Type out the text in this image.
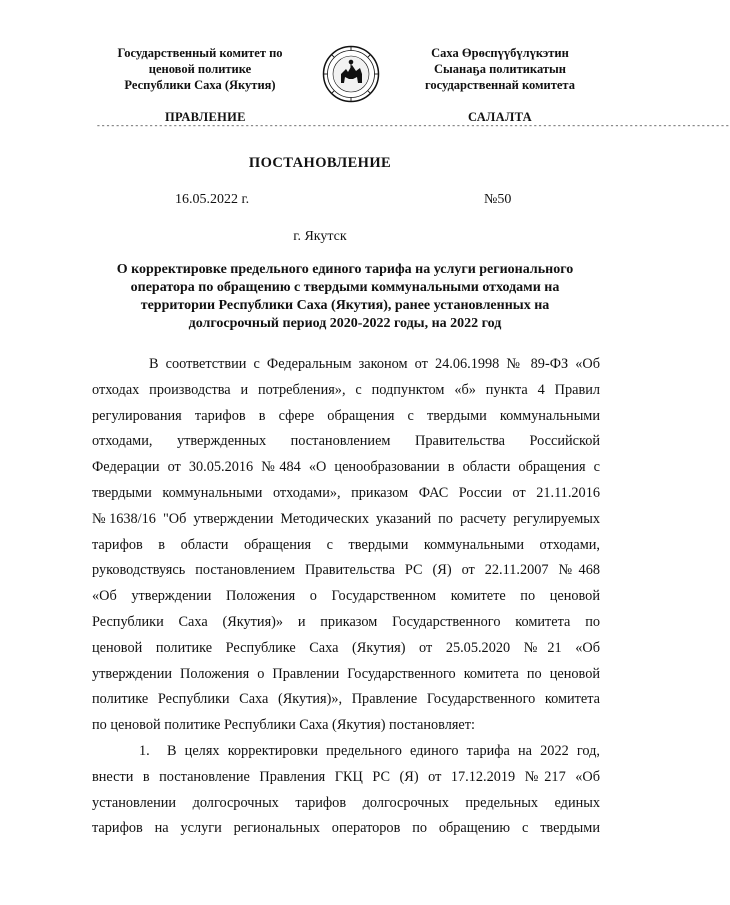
Государственный комитет по
ценовой политике
Республики Саха (Якутия)
Саха Өрөспүүбүлүкэтин
Сыанаҕа политикатын
государственнай комитета
ПРАВЛЕНИЕ	САЛАЛТА
------------------------------------------------------------------------------------------------------------------------------------
ПОСТАНОВЛЕНИЕ
16.05.2022 г.	№50
г. Якутск
О корректировке предельного единого тарифа на услуги регионального
оператора по обращению с твердыми коммунальными отходами на
территории Республики Саха (Якутия), ранее установленных на
долгосрочный период 2020-2022 годы, на 2022 год
В соответствии с Федеральным законом от 24.06.1998 № 89-ФЗ «Об
отходах производства и потребления», с подпунктом «б» пункта 4 Правил
регулирования тарифов в сфере обращения с твердыми коммунальными
отходами, утвержденных постановлением Правительства Российской
Федерации от 30.05.2016 №484 «О ценообразовании в области обращения с
твердыми коммунальными отходами», приказом ФАС России от 21.11.2016
№1638/16 "Об утверждении Методических указаний по расчету регулируемых
тарифов в области обращения с твердыми коммунальными отходами,
руководствуясь постановлением Правительства РС (Я) от 22.11.2007 №468
«Об утверждении Положения о Государственном комитете по ценовой
Республики Саха (Якутия)» и приказом Государственного комитета по
ценовой политике Республике Саха (Якутия) от 25.05.2020 №21 «Об
утверждении Положения о Правлении Государственного комитета по ценовой
политике Республики Саха (Якутия)», Правление Государственного комитета
по ценовой политике Республики Саха (Якутия) постановляет:
1. В целях корректировки предельного единого тарифа на 2022 год,
внести в постановление Правления ГКЦ РС (Я) от 17.12.2019 №217 «Об
установлении долгосрочных тарифов долгосрочных предельных единых
тарифов на услуги региональных операторов по обращению с твердыми
